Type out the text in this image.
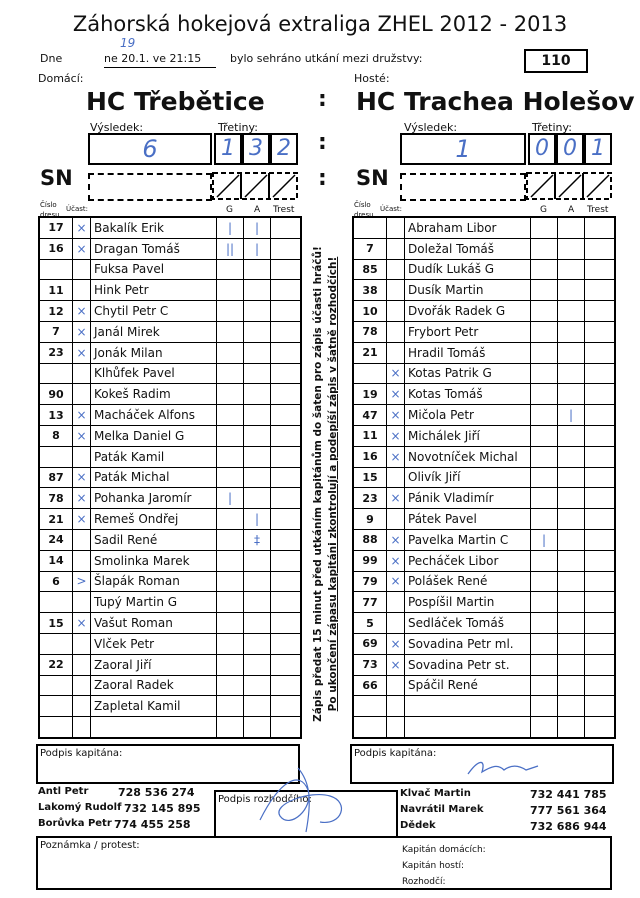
Záhorská hokejová extraliga ZHEL 2012 - 2013
Dne
19
ne 20.1. ve 21:15	bylo sehráno utkání mezi družstvy:	110
Domácí:	Hosté:
HC Třebětice : HC Trachea Holešov
Výsledek:	Třetiny:	Výsledek:	Třetiny:
6	1 3 2 :	1	0 0 1
SN	: SN
Číslo dresu
Účast:	G A Trest	Číslo dresu
Účast:	G A Trest
17	×	Bakalík Erik	|	|	
16	×	Dragan Tomáš	||	|	
		Fuksa Pavel			
11		Hink Petr			
12	×	Chytil Petr C			
7	×	Janál Mirek			
23	×	Jonák Milan			
		Klhůfek Pavel			
90		Kokeš Radim			
13	×	Macháček Alfons			
8	×	Melka Daniel G			
		Paták Kamil			
87	×	Paták Michal			
78	×	Pohanka Jaromír	|		
21	×	Remeš Ondřej		|	
24		Sadil René		‡	
14		Smolinka Marek			
6	>	Šlapák Roman			
		Tupý Martin G			
15	×	Vašut Roman			
		Vlček Petr			
22		Zaoral Jiří			
		Zaoral Radek			
		Zapletal Kamil			

		Abraham Libor			
7		Doležal Tomáš			
85		Dudík Lukáš G			
38		Dusík Martin			
10		Dvořák Radek G			
78		Frybort Petr			
21		Hradil Tomáš			
	×	Kotas Patrik G			
19	×	Kotas Tomáš			
47	×	Mičola Petr		|	
11	×	Michálek Jiří			
16	×	Novotníček Michal			
15		Olivík Jiří			
23	×	Pánik Vladimír			
9		Pátek Pavel			
88	×	Pavelka Martin C	|		
99	×	Pecháček Libor			
79	×	Polášek René			
77		Pospíšil Martin			
5		Sedláček Tomáš			
69	×	Sovadina Petr ml.			
73	×	Sovadina Petr st.			
66		Spáčil René			

Zápis předat 15 minut před utkáním kapitánům do šaten pro zápis účasti hráčů! Po ukončení zápasu kapitáni zkontrolují a podepíší zápis v šatně rozhodčích!
Podpis kapitána:	Podpis kapitána:
Antl Petr	728 536 274
Lakomý Rudolf 732 145 895
Borůvka Petr 774 455 258
Podpis rozhodčího:
Klvač Martin	732 441 785
Navrátil Marek	777 561 364
Dědek	732 686 944
Poznámka / protest:	Kapitán domácích:
Kapitán hostí:
Rozhodčí:
